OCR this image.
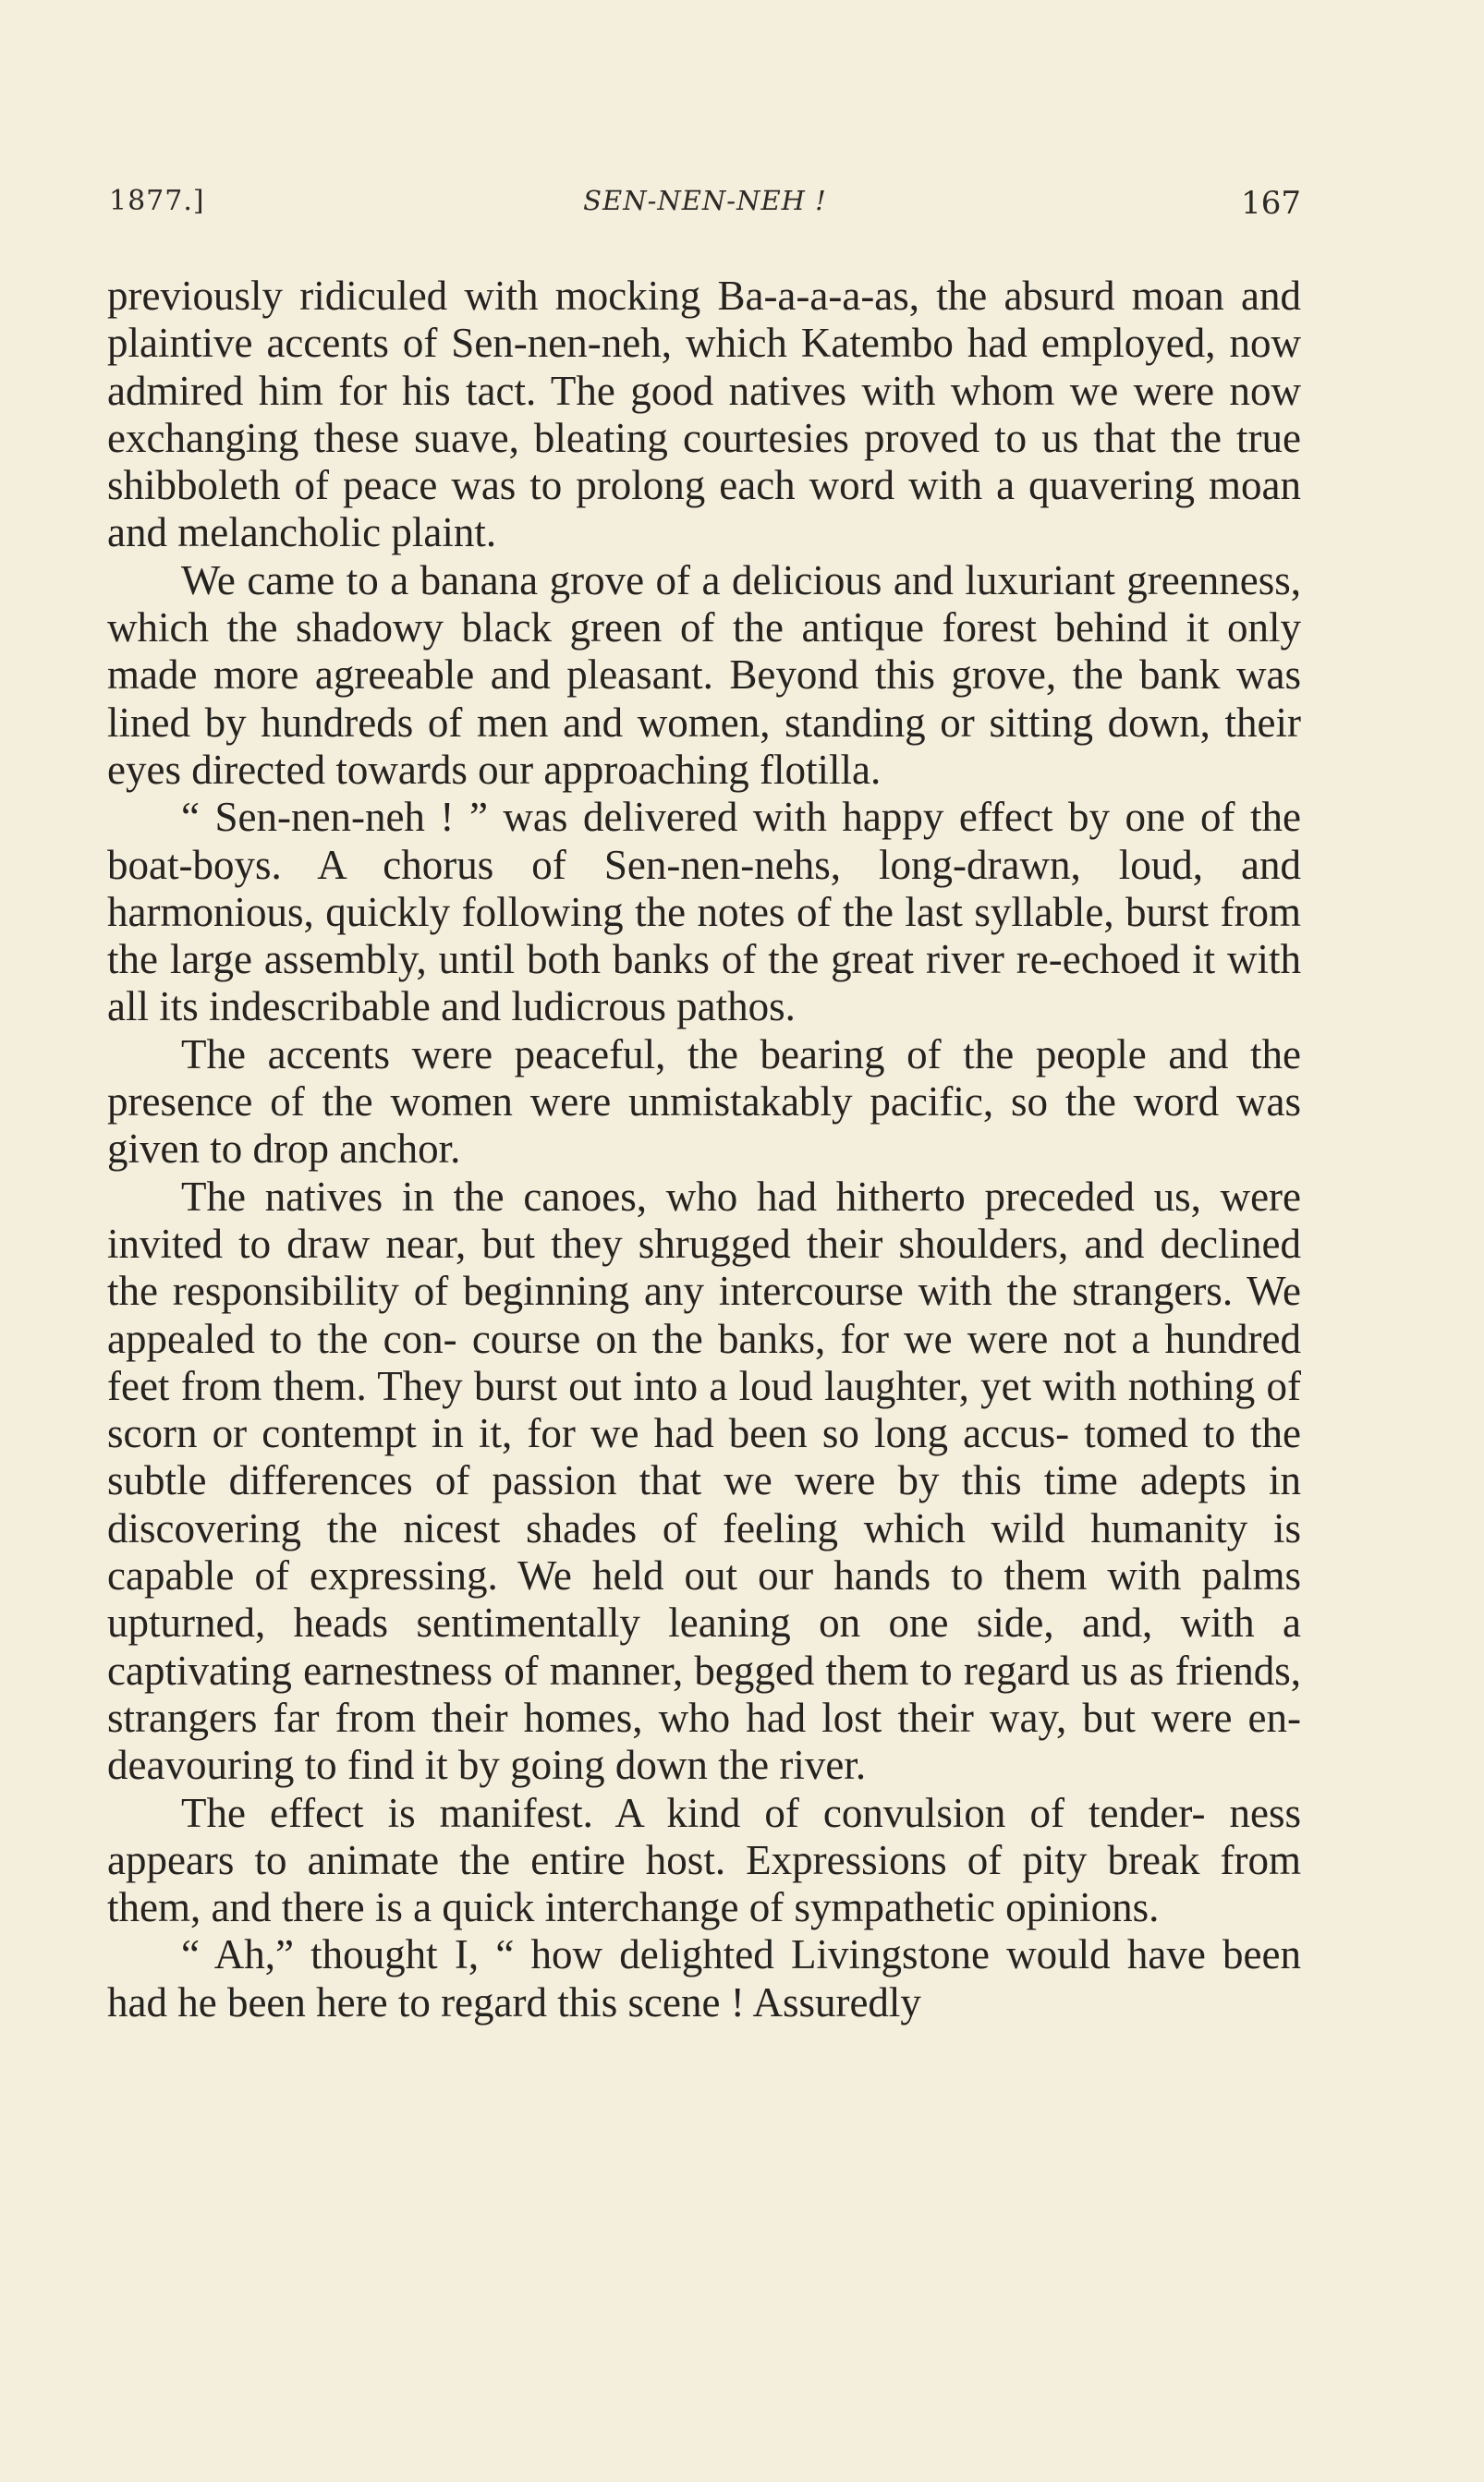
1877.]	SEN-NEN-NEH !	167

previously ridiculed with mocking Ba-a-a-a-as, the absurd moan and plaintive accents of Sen-nen-neh, which Katembo had employed, now admired him for his tact. The good natives with whom we were now exchanging these suave, bleating courtesies proved to us that the true shibboleth of peace was to prolong each word with a quavering moan and melancholic plaint.

We came to a banana grove of a delicious and luxuriant greenness, which the shadowy black green of the antique forest behind it only made more agreeable and pleasant. Beyond this grove, the bank was lined by hundreds of men and women, standing or sitting down, their eyes directed towards our approaching flotilla.

“ Sen-nen-neh ! ” was delivered with happy effect by one of the boat-boys. A chorus of Sen-nen-nehs, long-drawn, loud, and harmonious, quickly following the notes of the last syllable, burst from the large assembly, until both banks of the great river re-echoed it with all its indescribable and ludicrous pathos.

The accents were peaceful, the bearing of the people and the presence of the women were unmistakably pacific, so the word was given to drop anchor.

The natives in the canoes, who had hitherto preceded us, were invited to draw near, but they shrugged their shoulders, and declined the responsibility of beginning any intercourse with the strangers. We appealed to the con- course on the banks, for we were not a hundred feet from them. They burst out into a loud laughter, yet with nothing of scorn or contempt in it, for we had been so long accus- tomed to the subtle differences of passion that we were by this time adepts in discovering the nicest shades of feeling which wild humanity is capable of expressing. We held out our hands to them with palms upturned, heads sentimentally leaning on one side, and, with a captivating earnestness of manner, begged them to regard us as friends, strangers far from their homes, who had lost their way, but were en- deavouring to find it by going down the river.

The effect is manifest. A kind of convulsion of tender- ness appears to animate the entire host. Expressions of pity break from them, and there is a quick interchange of sympathetic opinions.

“ Ah,” thought I, “ how delighted Livingstone would have been had he been here to regard this scene ! Assuredly
